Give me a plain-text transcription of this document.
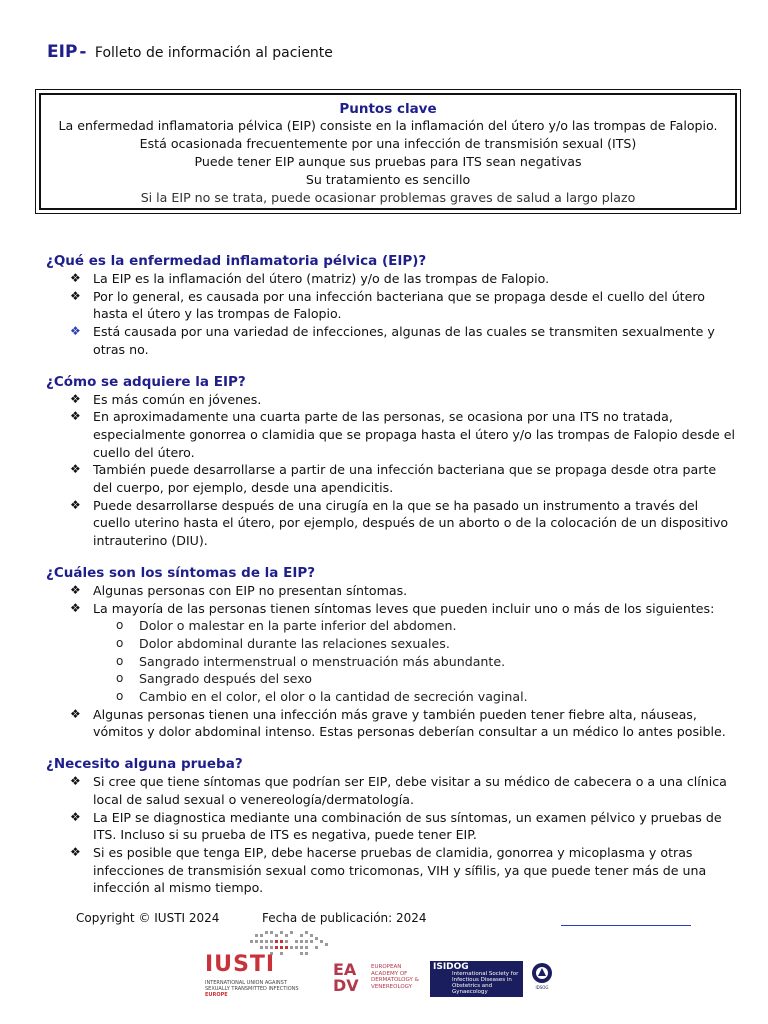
EIP - Folleto de información al paciente
Puntos clave
La enfermedad inflamatoria pélvica (EIP) consiste en la inflamación del útero y/o las trompas de Falopio.
Está ocasionada frecuentemente por una infección de transmisión sexual (ITS)
Puede tener EIP aunque sus pruebas para ITS sean negativas
Su tratamiento es sencillo
Si la EIP no se trata, puede ocasionar problemas graves de salud a largo plazo
¿Qué es la enfermedad inflamatoria pélvica (EIP)?
❖ La EIP es la inflamación del útero (matriz) y/o de las trompas de Falopio.
❖ Por lo general, es causada por una infección bacteriana que se propaga desde el cuello del útero hasta el útero y las trompas de Falopio.
❖ Está causada por una variedad de infecciones, algunas de las cuales se transmiten sexualmente y otras no.
¿Cómo se adquiere la EIP?
❖ Es más común en jóvenes.
❖ En aproximadamente una cuarta parte de las personas, se ocasiona por una ITS no tratada, especialmente gonorrea o clamidia que se propaga hasta el útero y/o las trompas de Falopio desde el cuello del útero.
❖ También puede desarrollarse a partir de una infección bacteriana que se propaga desde otra parte del cuerpo, por ejemplo, desde una apendicitis.
❖ Puede desarrollarse después de una cirugía en la que se ha pasado un instrumento a través del cuello uterino hasta el útero, por ejemplo, después de un aborto o de la colocación de un dispositivo intrauterino (DIU).
¿Cuáles son los síntomas de la EIP?
❖ Algunas personas con EIP no presentan síntomas.
❖ La mayoría de las personas tienen síntomas leves que pueden incluir uno o más de los siguientes:
o Dolor o malestar en la parte inferior del abdomen.
o Dolor abdominal durante las relaciones sexuales.
o Sangrado intermenstrual o menstruación más abundante.
o Sangrado después del sexo
o Cambio en el color, el olor o la cantidad de secreción vaginal.
❖ Algunas personas tienen una infección más grave y también pueden tener fiebre alta, náuseas, vómitos y dolor abdominal intenso. Estas personas deberían consultar a un médico lo antes posible.
¿Necesito alguna prueba?
❖ Si cree que tiene síntomas que podrían ser EIP, debe visitar a su médico de cabecera o a una clínica local de salud sexual o venereología/dermatología.
❖ La EIP se diagnostica mediante una combinación de sus síntomas, un examen pélvico y pruebas de ITS. Incluso si su prueba de ITS es negativa, puede tener EIP.
❖ Si es posible que tenga EIP, debe hacerse pruebas de clamidia, gonorrea y micoplasma y otras infecciones de transmisión sexual como tricomonas, VIH y sífilis, ya que puede tener más de una infección al mismo tiempo.
Copyright © IUSTI 2024	Fecha de publicación: 2024
IUSTI
INTERNATIONAL UNION AGAINST
SEXUALLY TRANSMITTED INFECTIONS
EUROPE
EA DV
EUROPEAN
ACADEMY OF
DERMATOLOGY &
VENEREOLOGY
ISIDOG
International Society for
Infectious Diseases in
Obstetrics and
Gynaecology
IDSOG
